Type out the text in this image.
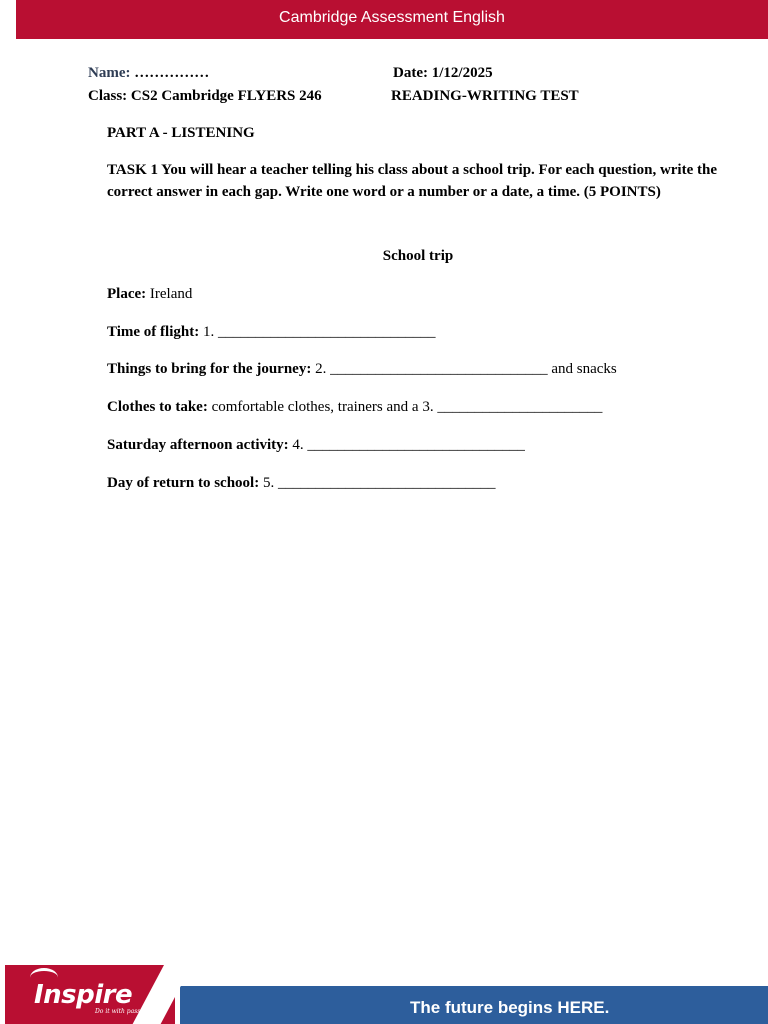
Cambridge Assessment English
Name: ……………	Date: 1/12/2025
Class: CS2 Cambridge FLYERS 246	READING-WRITING TEST
PART A - LISTENING
TASK 1 You will hear a teacher telling his class about a school trip. For each question, write the correct answer in each gap. Write one word or a number or a date, a time. (5 POINTS)
School trip
Place: Ireland
Time of flight: 1. _____________________________
Things to bring for the journey: 2. _____________________________ and snacks
Clothes to take: comfortable clothes, trainers and a 3. ______________________
Saturday afternoon activity: 4. _____________________________
Day of return to school: 5. _____________________________
Inspire
Do it with passion	The future begins HERE.
